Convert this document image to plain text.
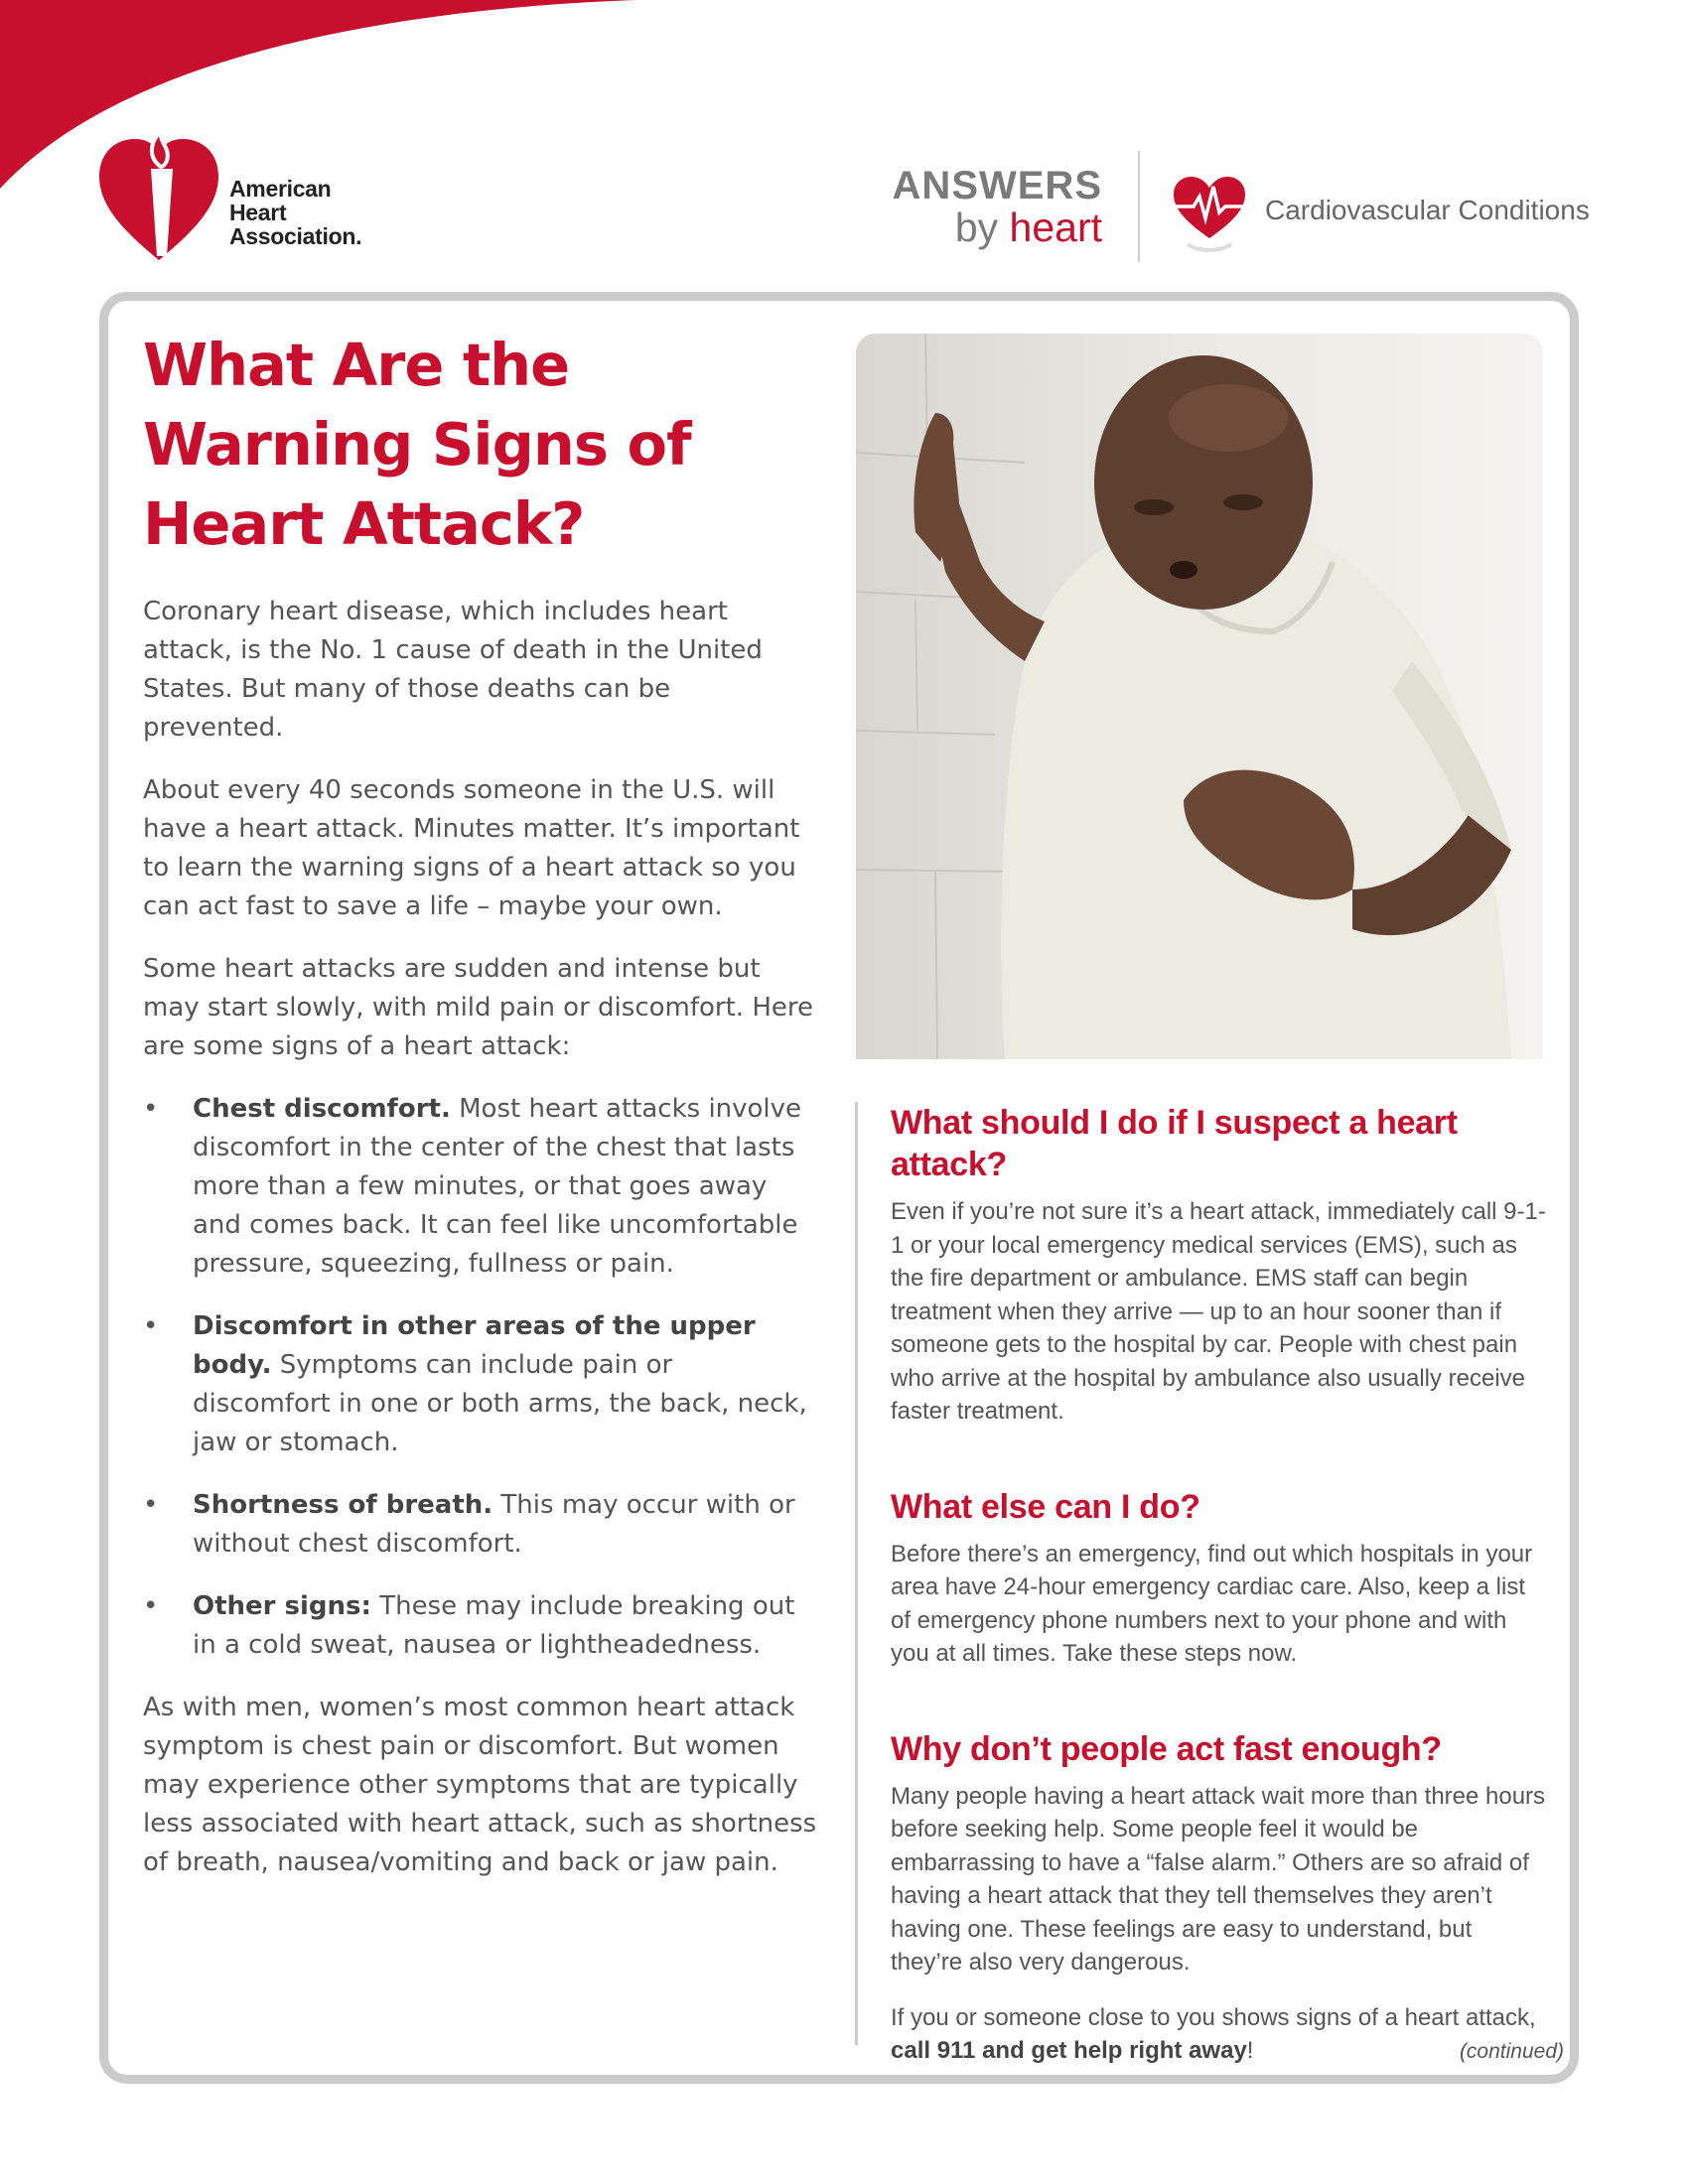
American
Heart
Association.
ANSWERS
by heart	Cardiovascular Conditions
What Are the Warning Signs of Heart Attack?

Coronary heart disease, which includes heart attack, is the No. 1 cause of death in the United States. But many of those deaths can be prevented.

About every 40 seconds someone in the U.S. will have a heart attack. Minutes matter. It’s important to learn the warning signs of a heart attack so you can act fast to save a life – maybe your own.

Some heart attacks are sudden and intense but may start slowly, with mild pain or discomfort. Here are some signs of a heart attack:

• Chest discomfort. Most heart attacks involve discomfort in the center of the chest that lasts more than a few minutes, or that goes away and comes back. It can feel like uncomfortable pressure, squeezing, fullness or pain.
• Discomfort in other areas of the upper body. Symptoms can include pain or discomfort in one or both arms, the back, neck, jaw or stomach.
• Shortness of breath. This may occur with or without chest discomfort.
• Other signs: These may include breaking out in a cold sweat, nausea or lightheadedness.

As with men, women’s most common heart attack symptom is chest pain or discomfort. But women may experience other symptoms that are typically less associated with heart attack, such as shortness of breath, nausea/vomiting and back or jaw pain.

What should I do if I suspect a heart attack?

Even if you’re not sure it’s a heart attack, immediately call 9-1-1 or your local emergency medical services (EMS), such as the fire department or ambulance. EMS staff can begin treatment when they arrive — up to an hour sooner than if someone gets to the hospital by car. People with chest pain who arrive at the hospital by ambulance also usually receive faster treatment.

What else can I do?

Before there’s an emergency, find out which hospitals in your area have 24-hour emergency cardiac care. Also, keep a list of emergency phone numbers next to your phone and with you at all times. Take these steps now.

Why don’t people act fast enough?

Many people having a heart attack wait more than three hours before seeking help. Some people feel it would be embarrassing to have a “false alarm.” Others are so afraid of having a heart attack that they tell themselves they aren’t having one. These feelings are easy to understand, but they’re also very dangerous.

If you or someone close to you shows signs of a heart attack, call 911 and get help right away!	(continued)
